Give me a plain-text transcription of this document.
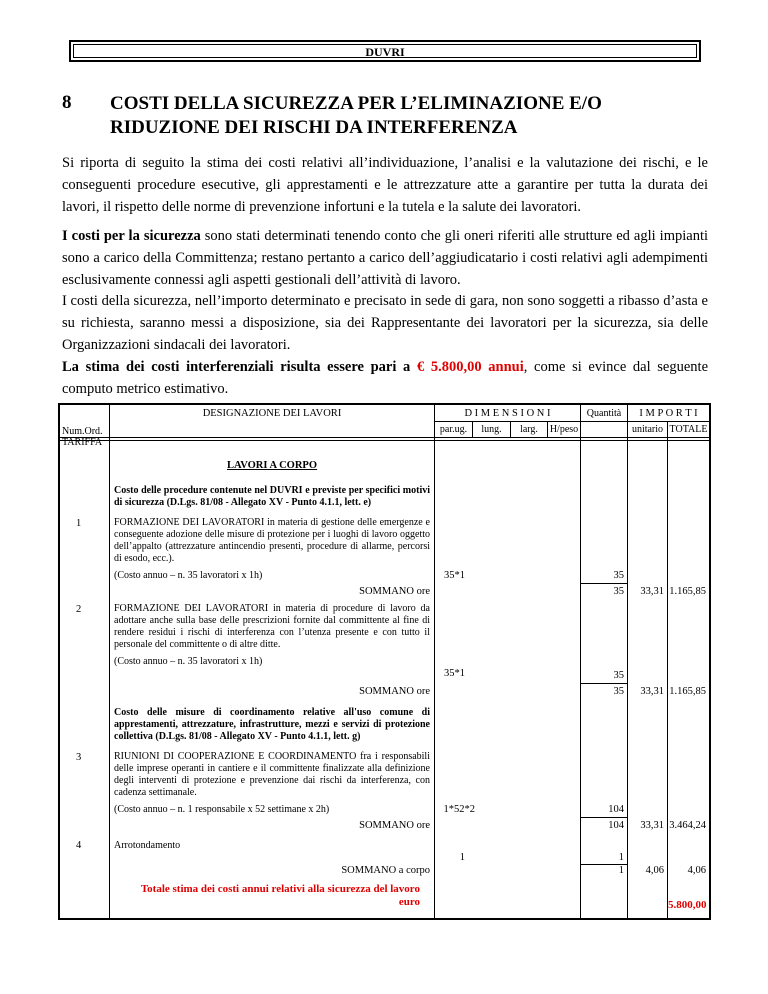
DUVRI
8 COSTI DELLA SICUREZZA PER L’ELIMINAZIONE E/O RIDUZIONE DEI RISCHI DA INTERFERENZA
Si riporta di seguito la stima dei costi relativi all’individuazione, l’analisi e la valutazione dei rischi, e le conseguenti procedure esecutive, gli apprestamenti e le attrezzature atte a garantire per tutta la durata dei lavori, il rispetto delle norme di prevenzione infortuni e la tutela e la salute dei lavoratori.
I costi per la sicurezza sono stati determinati tenendo conto che gli oneri riferiti alle strutture ed agli impianti sono a carico della Committenza; restano pertanto a carico dell’aggiudicatario i costi relativi agli adempimenti esclusivamente connessi agli aspetti gestionali dell’attività di lavoro.
I costi della sicurezza, nell’importo determinato e precisato in sede di gara, non sono soggetti a ribasso d’asta e su richiesta, saranno messi a disposizione, sia dei Rappresentante dei lavoratori per la sicurezza, sia delle Organizzazioni sindacali dei lavoratori.
La stima dei costi interferenziali risulta essere pari a € 5.800,00 annui, come si evince dal seguente computo metrico estimativo.
Num.Ord.
TARIFFA
DESIGNAZIONE DEI LAVORI	D I M E N S I O N I	Quantità	I M P O R T I
par.ug.	lung.	larg.	H/peso	unitario TOTALE
LAVORI A CORPO
Costo delle procedure contenute nel DUVRI e previste per specifici motivi di sicurezza (D.Lgs. 81/08 - Allegato XV - Punto 4.1.1, lett. e)
1	FORMAZIONE DEI LAVORATORI in materia di gestione delle emergenze e conseguente adozione delle misure di protezione per i luoghi di lavoro oggetto dell’appalto (attrezzature antincendio presenti, procedure di allarme, percorsi di esodo, ecc.).
(Costo annuo – n. 35 lavoratori x 1h)	35*1	35
SOMMANO ore	35	33,31 1.165,85
2	FORMAZIONE DEI LAVORATORI in materia di procedure di lavoro da adottare anche sulla base delle prescrizioni fornite dal committente al fine di rendere residui i rischi di interferenza con l’utenza presente e con tutto il personale del committente o di altre ditte.
(Costo annuo – n. 35 lavoratori x 1h)
35*1	35
SOMMANO ore	35	33,31 1.165,85
Costo delle misure di coordinamento relative all'uso comune di apprestamenti, attrezzature, infrastrutture, mezzi e servizi di protezione collettiva (D.Lgs. 81/08 - Allegato XV - Punto 4.1.1, lett. g)
3	RIUNIONI DI COOPERAZIONE E COORDINAMENTO fra i responsabili delle imprese operanti in cantiere e il committente finalizzate alla definizione degli interventi di protezione e prevenzione dai rischi da interferenza, con cadenza settimanale.
(Costo annuo – n. 1 responsabile x 52 settimane x 2h)	1*52*2	104
SOMMANO ore	104	33,31 3.464,24
4	Arrotondamento
1	1
SOMMANO a corpo	1	4,06	4,06
Totale stima dei costi annui relativi alla sicurezza del lavoro euro	5.800,00
